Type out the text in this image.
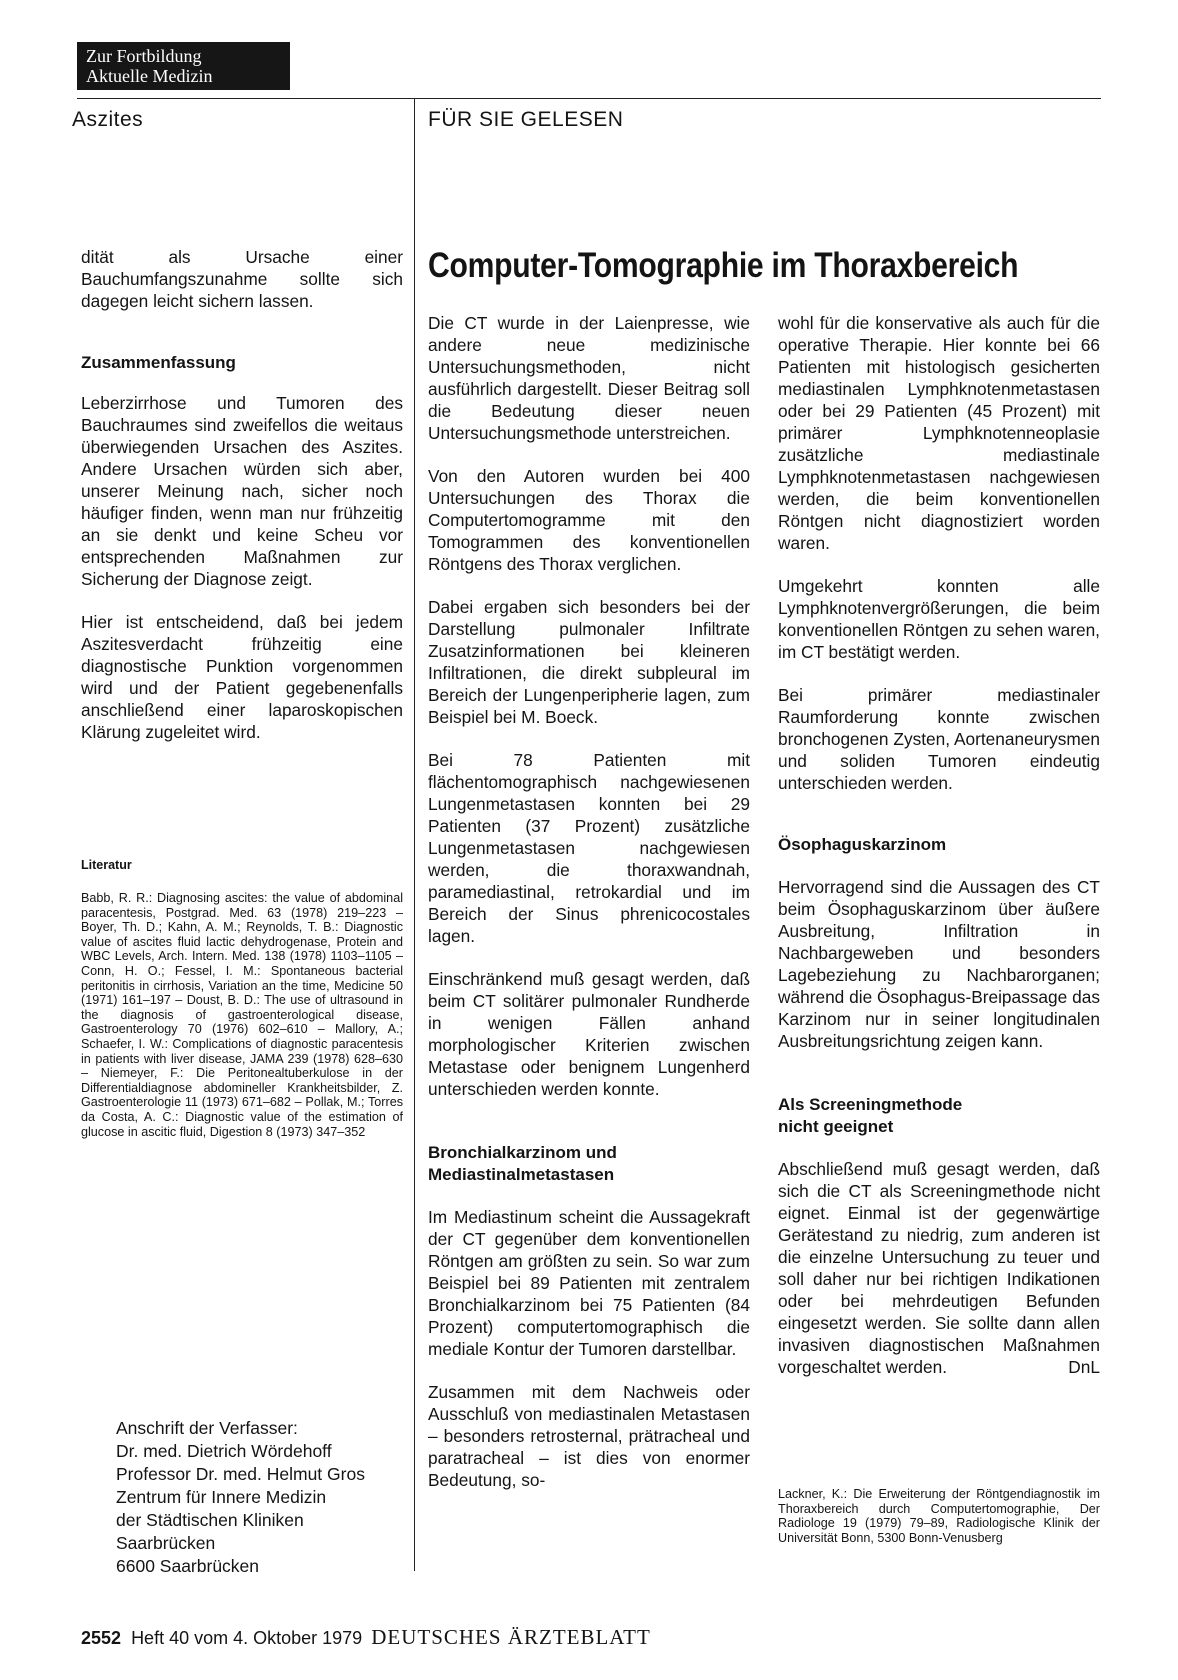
Zur Fortbildung
Aktuelle Medizin
Aszites	FÜR SIE GELESEN

dität als Ursache einer Bauchumfangszunahme sollte sich dagegen leicht sichern lassen.

Zusammenfassung

Leberzirrhose und Tumoren des Bauchraumes sind zweifellos die weitaus überwiegenden Ursachen des Aszites. Andere Ursachen würden sich aber, unserer Meinung nach, sicher noch häufiger finden, wenn man nur frühzeitig an sie denkt und keine Scheu vor entsprechenden Maßnahmen zur Sicherung der Diagnose zeigt.

Hier ist entscheidend, daß bei jedem Aszitesverdacht frühzeitig eine diagnostische Punktion vorgenommen wird und der Patient gegebenenfalls anschließend einer laparoskopischen Klärung zugeleitet wird.

Literatur
Babb, R. R.: Diagnosing ascites: the value of abdominal paracentesis, Postgrad. Med. 63 (1978) 219–223 – Boyer, Th. D.; Kahn, A. M.; Reynolds, T. B.: Diagnostic value of ascites fluid lactic dehydrogenase, Protein and WBC Levels, Arch. Intern. Med. 138 (1978) 1103–1105 – Conn, H. O.; Fessel, I. M.: Spontaneous bacterial peritonitis in cirrhosis, Variation an the time, Medicine 50 (1971) 161–197 – Doust, B. D.: The use of ultrasound in the diagnosis of gastroenterological disease, Gastroenterology 70 (1976) 602–610 – Mallory, A.; Schaefer, I. W.: Complications of diagnostic paracentesis in patients with liver disease, JAMA 239 (1978) 628–630 – Niemeyer, F.: Die Peritonealtuberkulose in der Differentialdiagnose abdomineller Krankheitsbilder, Z. Gastroenterologie 11 (1973) 671–682 – Pollak, M.; Torres da Costa, A. C.: Diagnostic value of the estimation of glucose in ascitic fluid, Digestion 8 (1973) 347–352
Anschrift der Verfasser:
Dr. med. Dietrich Wördehoff
Professor Dr. med. Helmut Gros
Zentrum für Innere Medizin
der Städtischen Kliniken
Saarbrücken
6600 Saarbrücken
Computer-Tomographie im Thoraxbereich

Die CT wurde in der Laienpresse, wie andere neue medizinische Untersuchungsmethoden, nicht ausführlich dargestellt. Dieser Beitrag soll die Bedeutung dieser neuen Untersuchungsmethode unterstreichen.

Von den Autoren wurden bei 400 Untersuchungen des Thorax die Computertomogramme mit den Tomogrammen des konventionellen Röntgens des Thorax verglichen.

Dabei ergaben sich besonders bei der Darstellung pulmonaler Infiltrate Zusatzinformationen bei kleineren Infiltrationen, die direkt subpleural im Bereich der Lungenperipherie lagen, zum Beispiel bei M. Boeck.

Bei 78 Patienten mit flächentomographisch nachgewiesenen Lungenmetastasen konnten bei 29 Patienten (37 Prozent) zusätzliche Lungenmetastasen nachgewiesen werden, die thoraxwandnah, paramediastinal, retrokardial und im Bereich der Sinus phrenicocostales lagen.

Einschränkend muß gesagt werden, daß beim CT solitärer pulmonaler Rundherde in wenigen Fällen anhand morphologischer Kriterien zwischen Metastase oder benignem Lungenherd unterschieden werden konnte.

Bronchialkarzinom und Mediastinalmetastasen

Im Mediastinum scheint die Aussagekraft der CT gegenüber dem konventionellen Röntgen am größten zu sein. So war zum Beispiel bei 89 Patienten mit zentralem Bronchialkarzinom bei 75 Patienten (84 Prozent) computertomographisch die mediale Kontur der Tumoren darstellbar.

Zusammen mit dem Nachweis oder Ausschluß von mediastinalen Metastasen – besonders retrosternal, prätracheal und paratracheal – ist dies von enormer Bedeutung, so-

wohl für die konservative als auch für die operative Therapie. Hier konnte bei 66 Patienten mit histologisch gesicherten mediastinalen Lymphknotenmetastasen oder bei 29 Patienten (45 Prozent) mit primärer Lymphknotenneoplasie zusätzliche mediastinale Lymphknotenmetastasen nachgewiesen werden, die beim konventionellen Röntgen nicht diagnostiziert worden waren.

Umgekehrt konnten alle Lymphknotenvergrößerungen, die beim konventionellen Röntgen zu sehen waren, im CT bestätigt werden.

Bei primärer mediastinaler Raumforderung konnte zwischen bronchogenen Zysten, Aortenaneurysmen und soliden Tumoren eindeutig unterschieden werden.

Ösophaguskarzinom

Hervorragend sind die Aussagen des CT beim Ösophaguskarzinom über äußere Ausbreitung, Infiltration in Nachbargeweben und besonders Lagebeziehung zu Nachbarorganen; während die Ösophagus-Breipassage das Karzinom nur in seiner longitudinalen Ausbreitungsrichtung zeigen kann.

Als Screeningmethode nicht geeignet

Abschließend muß gesagt werden, daß sich die CT als Screeningmethode nicht eignet. Einmal ist der gegenwärtige Gerätestand zu niedrig, zum anderen ist die einzelne Untersuchung zu teuer und soll daher nur bei richtigen Indikationen oder bei mehrdeutigen Befunden eingesetzt werden. Sie sollte dann allen invasiven diagnostischen Maßnahmen vorgeschaltet werden.	DnL

Lackner, K.: Die Erweiterung der Röntgendiagnostik im Thoraxbereich durch Computertomographie, Der Radiologe 19 (1979) 79–89, Radiologische Klinik der Universität Bonn, 5300 Bonn-Venusberg
2552 Heft 40 vom 4. Oktober 1979 DEUTSCHES ÄRZTEBLATT
